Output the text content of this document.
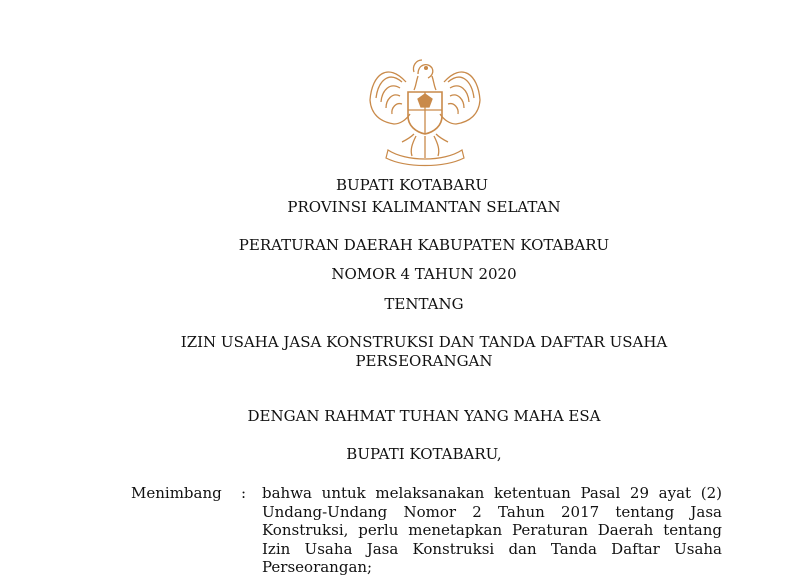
BUPATI KOTABARU
PROVINSI KALIMANTAN SELATAN
PERATURAN DAERAH KABUPATEN KOTABARU
NOMOR 4 TAHUN 2020
TENTANG
IZIN USAHA JASA KONSTRUKSI DAN TANDA DAFTAR USAHA
PERSEORANGAN
DENGAN RAHMAT TUHAN YANG MAHA ESA
BUPATI KOTABARU,
Menimbang : bahwa untuk melaksanakan ketentuan Pasal 29 ayat (2)
Undang-Undang Nomor 2 Tahun 2017 tentang Jasa
Konstruksi, perlu menetapkan Peraturan Daerah tentang
Izin Usaha Jasa Konstruksi dan Tanda Daftar Usaha
Perseorangan;
